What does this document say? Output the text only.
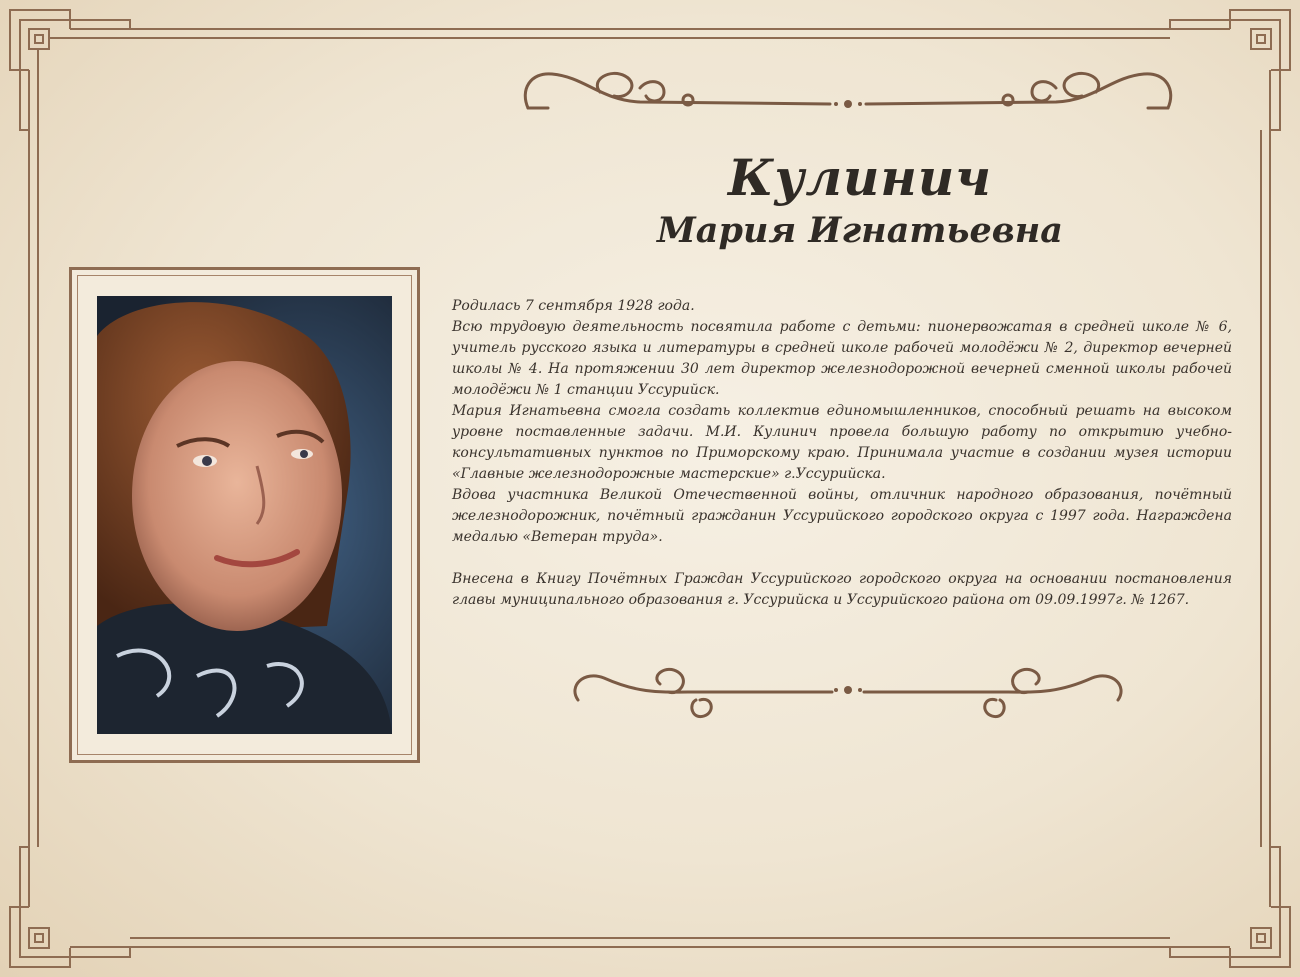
Кулинич
Мария Игнатьевна

Родилась 7 сентября 1928 года.

Всю трудовую деятельность посвятила работе с детьми: пионервожатая в средней школе № 6, учитель русского языка и литературы в средней школе рабочей молодёжи № 2, директор вечерней школы № 4. На протяжении 30 лет директор железнодорожной вечерней сменной школы рабочей молодёжи № 1 станции Уссурийск.

Мария Игнатьевна смогла создать коллектив единомышленников, способный решать на высоком уровне поставленные задачи. М.И. Кулинич провела большую работу по открытию учебно-консультативных пунктов по Приморскому краю. Принимала участие в создании музея истории «Главные железнодорожные мастерские» г.Уссурийска.

Вдова участника Великой Отечественной войны, отличник народного образования, почётный железнодорожник, почётный гражданин Уссурийского городского округа с 1997 года. Награждена медалью «Ветеран труда».

Внесена в Книгу Почётных Граждан Уссурийского городского округа на основании постановления главы муниципального образования г. Уссурийска и Уссурийского района от 09.09.1997г. № 1267.
